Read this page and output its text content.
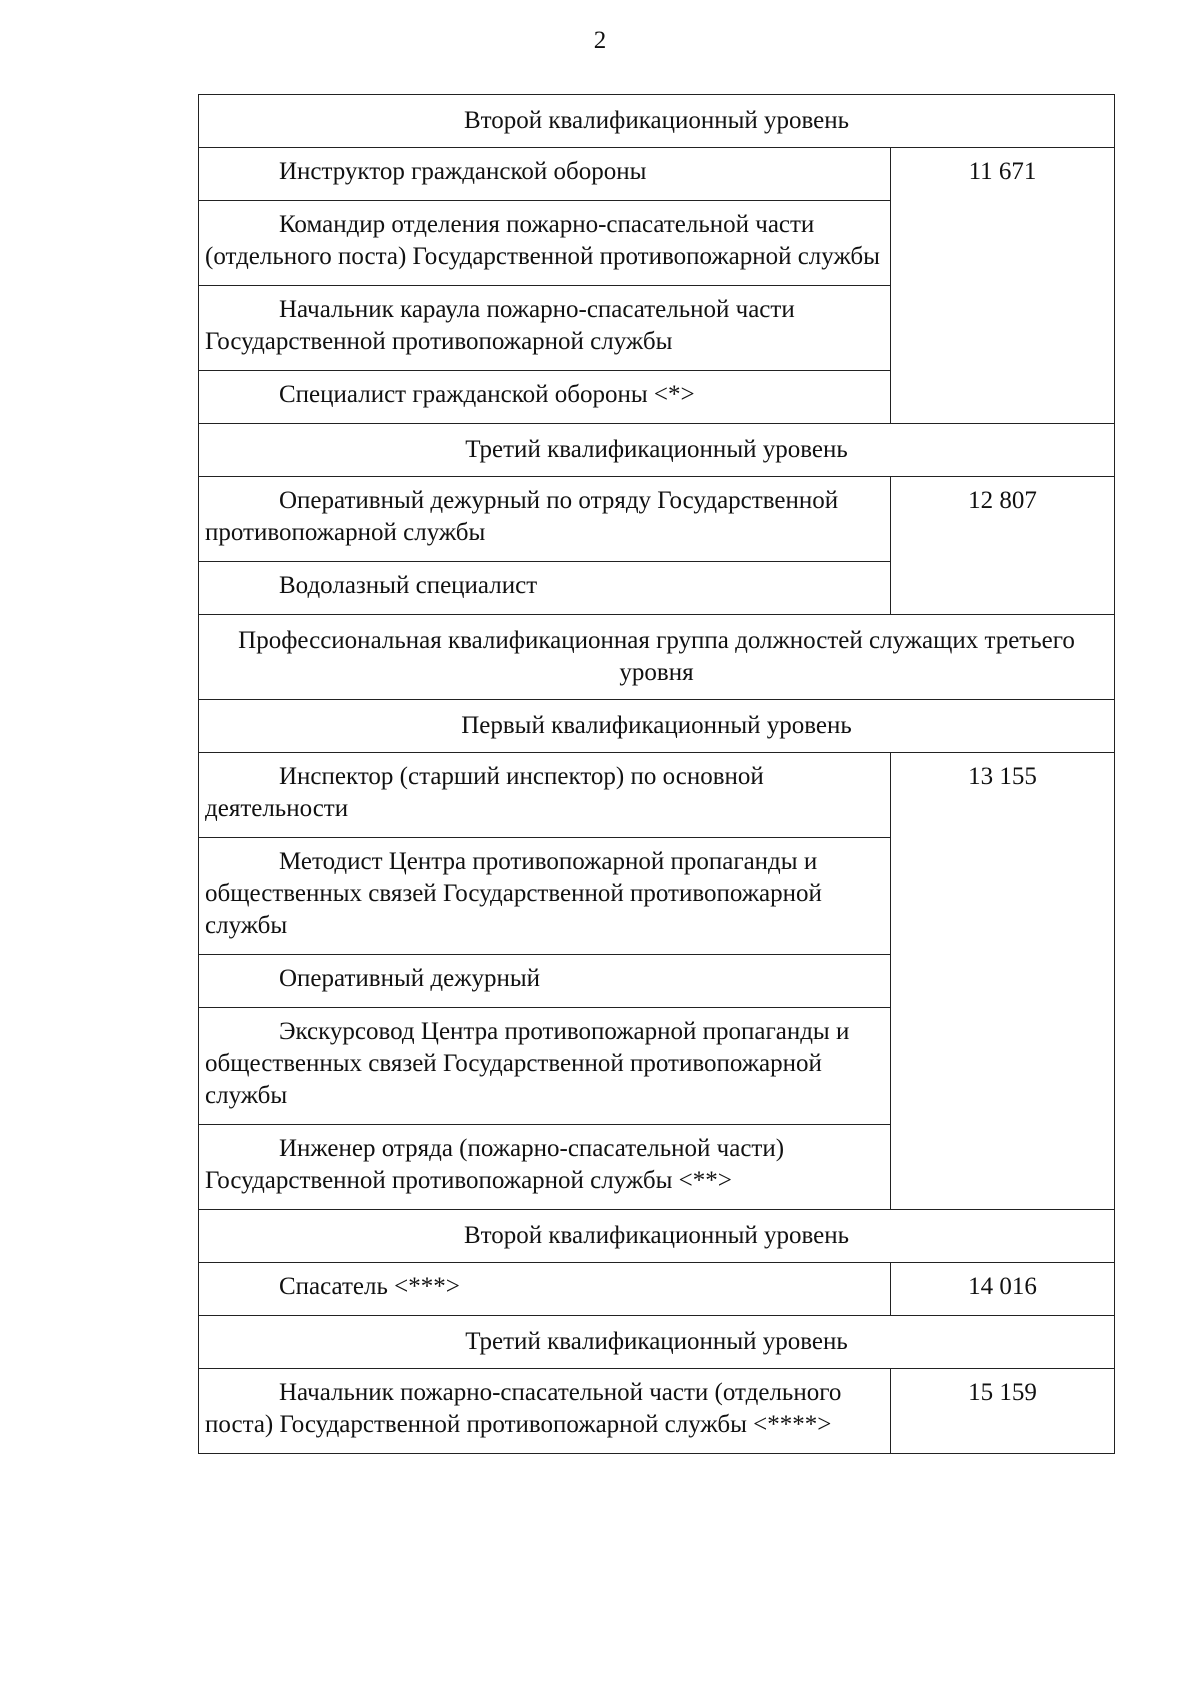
2
Второй квалификационный уровень	
Инструктор гражданской обороны	11 671
Командир отделения пожарно-спасательной части (отдельного поста) Государственной противопожарной службы	
Начальник караула пожарно-спасательной части Государственной противопожарной службы	
Специалист гражданской обороны <*>	
Третий квалификационный уровень	
Оперативный дежурный по отряду Государственной противопожарной службы	12 807
Водолазный специалист	
Профессиональная квалификационная группа должностей служащих третьего уровня	
Первый квалификационный уровень	
Инспектор (старший инспектор) по основной деятельности	13 155
Методист Центра противопожарной пропаганды и общественных связей Государственной противопожарной службы	
Оперативный дежурный	
Экскурсовод Центра противопожарной пропаганды и общественных связей Государственной противопожарной службы	
Инженер отряда (пожарно-спасательной части) Государственной противопожарной службы <**>	
Второй квалификационный уровень	
Спасатель <***>	14 016
Третий квалификационный уровень	
Начальник пожарно-спасательной части (отдельного поста) Государственной противопожарной службы <****>	15 159
